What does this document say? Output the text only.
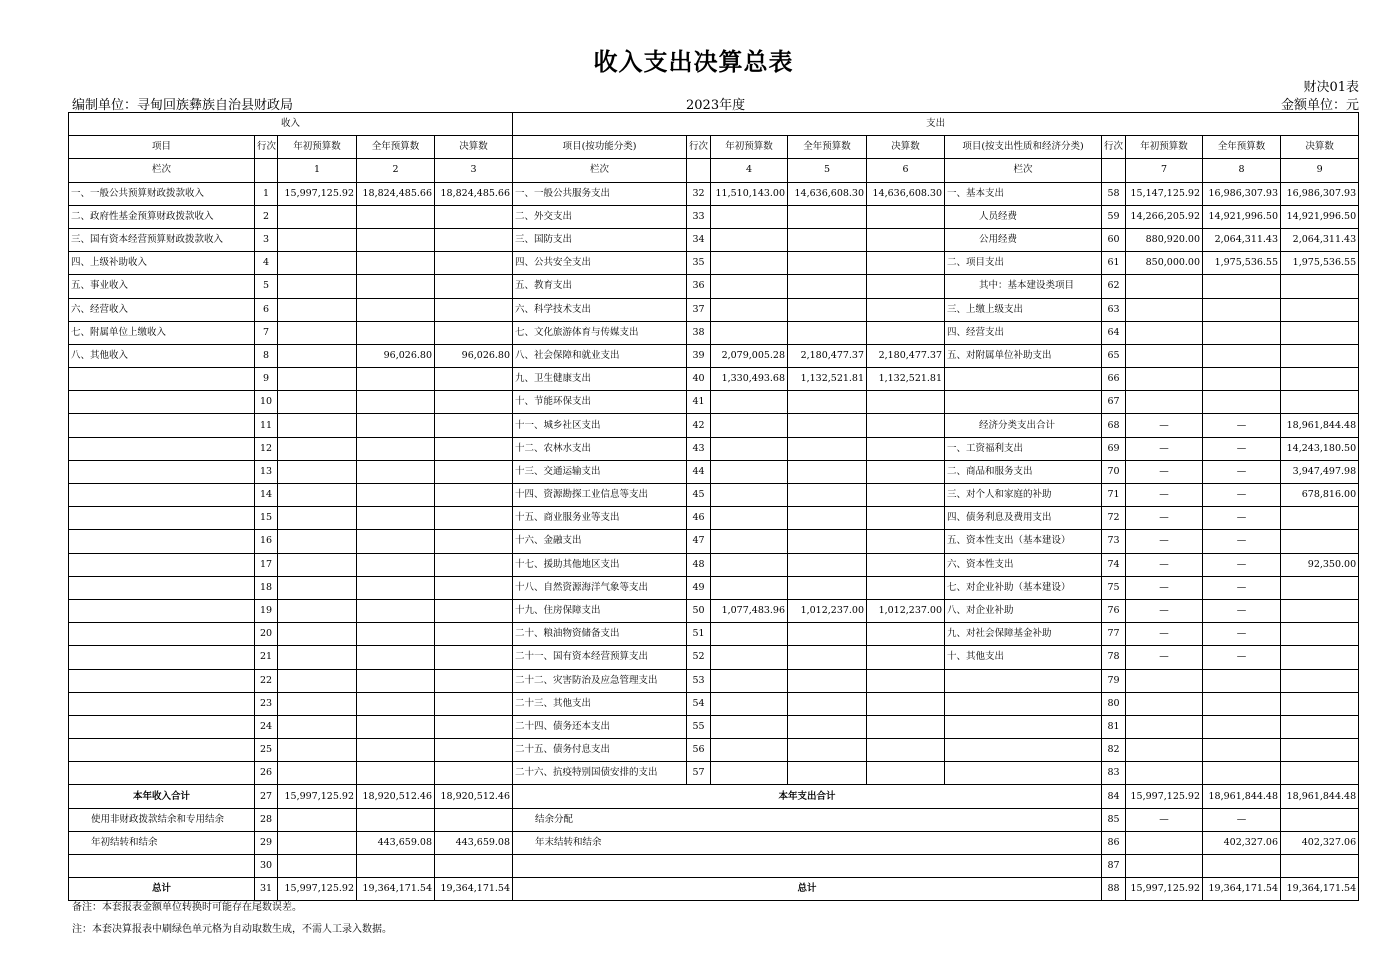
收入支出决算总表
财决01表
编制单位：寻甸回族彝族自治县财政局	2023年度	金额单位：元
收入					支出									
项目	行次	年初预算数	全年预算数	决算数	项目(按功能分类)	行次	年初预算数	全年预算数	决算数	项目(按支出性质和经济分类)	行次	年初预算数	全年预算数	决算数
栏次		1	2	3	栏次		4	5	6	栏次		7	8	9
一、一般公共预算财政拨款收入	1	15,997,125.92	18,824,485.66	18,824,485.66	一、一般公共服务支出	32	11,510,143.00	14,636,608.30	14,636,608.30	一、基本支出	58	15,147,125.92	16,986,307.93	16,986,307.93
二、政府性基金预算财政拨款收入	2				二、外交支出	33				人员经费	59	14,266,205.92	14,921,996.50	14,921,996.50
三、国有资本经营预算财政拨款收入	3				三、国防支出	34				公用经费	60	880,920.00	2,064,311.43	2,064,311.43
四、上级补助收入	4				四、公共安全支出	35				二、项目支出	61	850,000.00	1,975,536.55	1,975,536.55
五、事业收入	5				五、教育支出	36				其中：基本建设类项目	62			
六、经营收入	6				六、科学技术支出	37				三、上缴上级支出	63			
七、附属单位上缴收入	7				七、文化旅游体育与传媒支出	38				四、经营支出	64			
八、其他收入	8		96,026.80	96,026.80	八、社会保障和就业支出	39	2,079,005.28	2,180,477.37	2,180,477.37	五、对附属单位补助支出	65			
	9				九、卫生健康支出	40	1,330,493.68	1,132,521.81	1,132,521.81		66			
	10				十、节能环保支出	41					67			
	11				十一、城乡社区支出	42				经济分类支出合计	68	—	—	18,961,844.48
	12				十二、农林水支出	43				一、工资福利支出	69	—	—	14,243,180.50
	13				十三、交通运输支出	44				二、商品和服务支出	70	—	—	3,947,497.98
	14				十四、资源勘探工业信息等支出	45				三、对个人和家庭的补助	71	—	—	678,816.00
	15				十五、商业服务业等支出	46				四、债务利息及费用支出	72	—	—	
	16				十六、金融支出	47				五、资本性支出（基本建设）	73	—	—	
	17				十七、援助其他地区支出	48				六、资本性支出	74	—	—	92,350.00
	18				十八、自然资源海洋气象等支出	49				七、对企业补助（基本建设）	75	—	—	
	19				十九、住房保障支出	50	1,077,483.96	1,012,237.00	1,012,237.00	八、对企业补助	76	—	—	
	20				二十、粮油物资储备支出	51				九、对社会保障基金补助	77	—	—	
	21				二十一、国有资本经营预算支出	52				十、其他支出	78	—	—	
	22				二十二、灾害防治及应急管理支出	53					79			
	23				二十三、其他支出	54					80			
	24				二十四、债务还本支出	55					81			
	25				二十五、债务付息支出	56					82			
	26				二十六、抗疫特别国债安排的支出	57					83			
本年收入合计	27	15,997,125.92	18,920,512.46	18,920,512.46	本年支出合计						84	15,997,125.92	18,961,844.48	18,961,844.48
使用非财政拨款结余和专用结余	28				结余分配						85	—	—	
年初结转和结余	29		443,659.08	443,659.08	年末结转和结余						86		402,327.06	402,327.06
	30										87			
总计	31	15,997,125.92	19,364,171.54	19,364,171.54	总计						88	15,997,125.92	19,364,171.54	19,364,171.54
备注：本套报表金额单位转换时可能存在尾数误差。
注：本套决算报表中刷绿色单元格为自动取数生成，不需人工录入数据。
